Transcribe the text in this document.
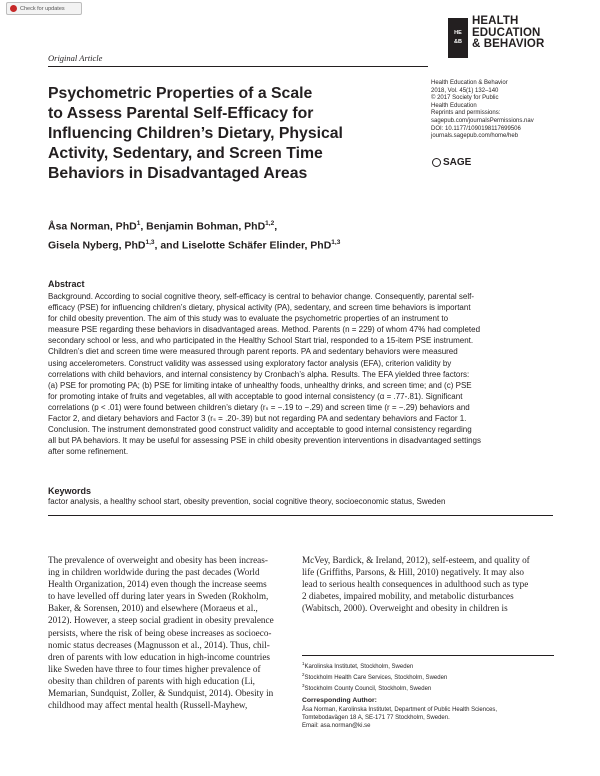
Check for updates
HE
&B
HEALTH
EDUCATION
& BEHAVIOR
Original Article
Psychometric Properties of a Scale
to Assess Parental Self-Efficacy for
Influencing Children’s Dietary, Physical
Activity, Sedentary, and Screen Time
Behaviors in Disadvantaged Areas
Health Education & Behavior
2018, Vol. 45(1) 132–140
© 2017 Society for Public
Health Education
Reprints and permissions:
sagepub.com/journalsPermissions.nav
DOI: 10.1177/1090198117699506
journals.sagepub.com/home/heb
SAGE
Åsa Norman, PhD$^1$, Benjamin Bohman, PhD$^{1,2}$,
Gisela Nyberg, PhD$^{1,3}$, and Liselotte Schäfer Elinder, PhD$^{1,3}$
Abstract
Background. According to social cognitive theory, self-efficacy is central to behavior change. Consequently, parental self-
efficacy (PSE) for influencing children’s dietary, physical activity (PA), sedentary, and screen time behaviors is important
for child obesity prevention. The aim of this study was to evaluate the psychometric properties of an instrument to
measure PSE regarding these behaviors in disadvantaged areas. Method. Parents (n = 229) of whom 47% had completed
secondary school or less, and who participated in the Healthy School Start trial, responded to a 15-item PSE instrument.
Children’s diet and screen time were measured through parent reports. PA and sedentary behaviors were measured
using accelerometers. Construct validity was assessed using exploratory factor analysis (EFA), criterion validity by
correlations with child behaviors, and internal consistency by Cronbach’s alpha. Results. The EFA yielded three factors:
(a) PSE for promoting PA; (b) PSE for limiting intake of unhealthy foods, unhealthy drinks, and screen time; and (c) PSE
for promoting intake of fruits and vegetables, all with acceptable to good internal consistency (α = .77-.81). Significant
correlations (p < .01) were found between children’s dietary (rₛ = −.19 to −.29) and screen time (r = −.29) behaviors and
Factor 2, and dietary behaviors and Factor 3 (rₛ = .20-.39) but not regarding PA and sedentary behaviors and Factor 1.
Conclusion. The instrument demonstrated good construct validity and acceptable to good internal consistency regarding
all but PA behaviors. It may be useful for assessing PSE in child obesity prevention interventions in disadvantaged settings
after some refinement.
Keywords
factor analysis, a healthy school start, obesity prevention, social cognitive theory, socioeconomic status, Sweden
The prevalence of overweight and obesity has been increas-
ing in children worldwide during the past decades (World
Health Organization, 2014) even though the increase seems
to have levelled off during later years in Sweden (Rokholm,
Baker, & Sorensen, 2010) and elsewhere (Moraeus et al.,
2012). However, a steep social gradient in obesity prevalence
persists, where the risk of being obese increases as socioeco-
nomic status decreases (Magnusson et al., 2014). Thus, chil-
dren of parents with low education in high-income countries
like Sweden have three to four times higher prevalence of
obesity than children of parents with high education (Li,
Memarian, Sundquist, Zoller, & Sundquist, 2014). Obesity in
childhood may affect mental health (Russell-Mayhew,
McVey, Bardick, & Ireland, 2012), self-esteem, and quality of
life (Griffiths, Parsons, & Hill, 2010) negatively. It may also
lead to serious health consequences in adulthood such as type
2 diabetes, impaired mobility, and metabolic disturbances
(Wabitsch, 2000). Overweight and obesity in children is
$^1$Karolinska Institutet, Stockholm, Sweden
$^2$Stockholm Health Care Services, Stockholm, Sweden
$^3$Stockholm County Council, Stockholm, Sweden
Corresponding Author:
Åsa Norman, Karolinska Institutet, Department of Public Health Sciences,
Tomtebodavägen 18 A, SE-171 77 Stockholm, Sweden.
Email: asa.norman@ki.se
